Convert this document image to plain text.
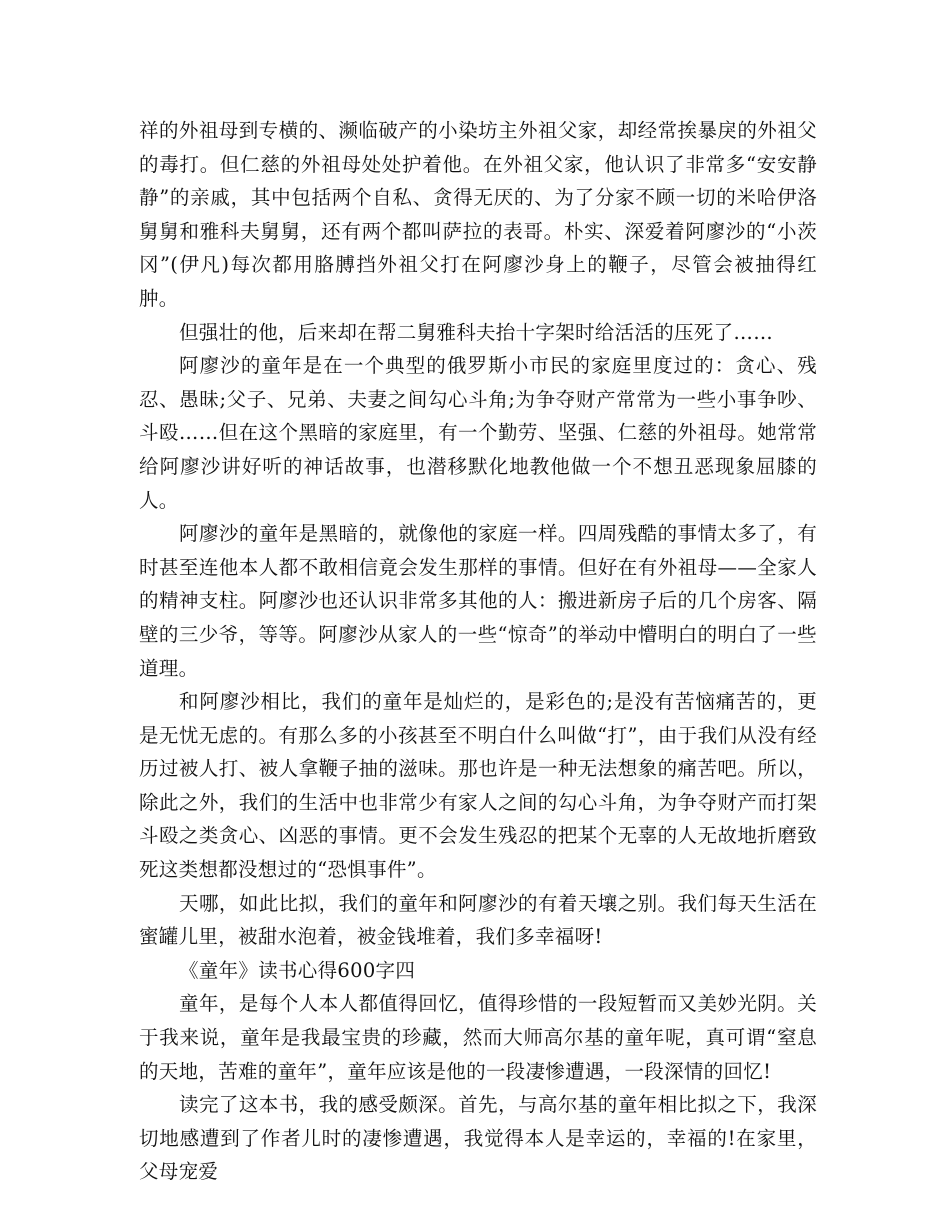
祥的外祖母到专横的、濒临破产的小染坊主外祖父家，却经常挨暴戾的外祖父的毒打。但仁慈的外祖母处处护着他。在外祖父家，他认识了非常多“安安静静”的亲戚，其中包括两个自私、贪得无厌的、为了分家不顾一切的米哈伊洛舅舅和雅科夫舅舅，还有两个都叫萨拉的表哥。朴实、深爱着阿廖沙的“小茨冈”(伊凡)每次都用胳膊挡外祖父打在阿廖沙身上的鞭子，尽管会被抽得红肿。

但强壮的他，后来却在帮二舅雅科夫抬十字架时给活活的压死了……

阿廖沙的童年是在一个典型的俄罗斯小市民的家庭里度过的：贪心、残忍、愚昧;父子、兄弟、夫妻之间勾心斗角;为争夺财产常常为一些小事争吵、斗殴……但在这个黑暗的家庭里，有一个勤劳、坚强、仁慈的外祖母。她常常给阿廖沙讲好听的神话故事，也潜移默化地教他做一个不想丑恶现象屈膝的人。

阿廖沙的童年是黑暗的，就像他的家庭一样。四周残酷的事情太多了，有时甚至连他本人都不敢相信竟会发生那样的事情。但好在有外祖母——全家人的精神支柱。阿廖沙也还认识非常多其他的人：搬进新房子后的几个房客、隔壁的三少爷，等等。阿廖沙从家人的一些“惊奇”的举动中懵明白的明白了一些道理。

和阿廖沙相比，我们的童年是灿烂的，是彩色的;是没有苦恼痛苦的，更是无忧无虑的。有那么多的小孩甚至不明白什么叫做“打”，由于我们从没有经历过被人打、被人拿鞭子抽的滋味。那也许是一种无法想象的痛苦吧。所以，除此之外，我们的生活中也非常少有家人之间的勾心斗角，为争夺财产而打架斗殴之类贪心、凶恶的事情。更不会发生残忍的把某个无辜的人无故地折磨致死这类想都没想过的“恐惧事件”。

天哪，如此比拟，我们的童年和阿廖沙的有着天壤之别。我们每天生活在蜜罐儿里，被甜水泡着，被金钱堆着，我们多幸福呀!

《童年》读书心得600字四

童年，是每个人本人都值得回忆，值得珍惜的一段短暂而又美妙光阴。关于我来说，童年是我最宝贵的珍藏，然而大师高尔基的童年呢，真可谓“窒息的天地，苦难的童年”，童年应该是他的一段凄惨遭遇，一段深情的回忆!

读完了这本书，我的感受颇深。首先，与高尔基的童年相比拟之下，我深切地感遭到了作者儿时的凄惨遭遇，我觉得本人是幸运的，幸福的!在家里，父母宠爱
